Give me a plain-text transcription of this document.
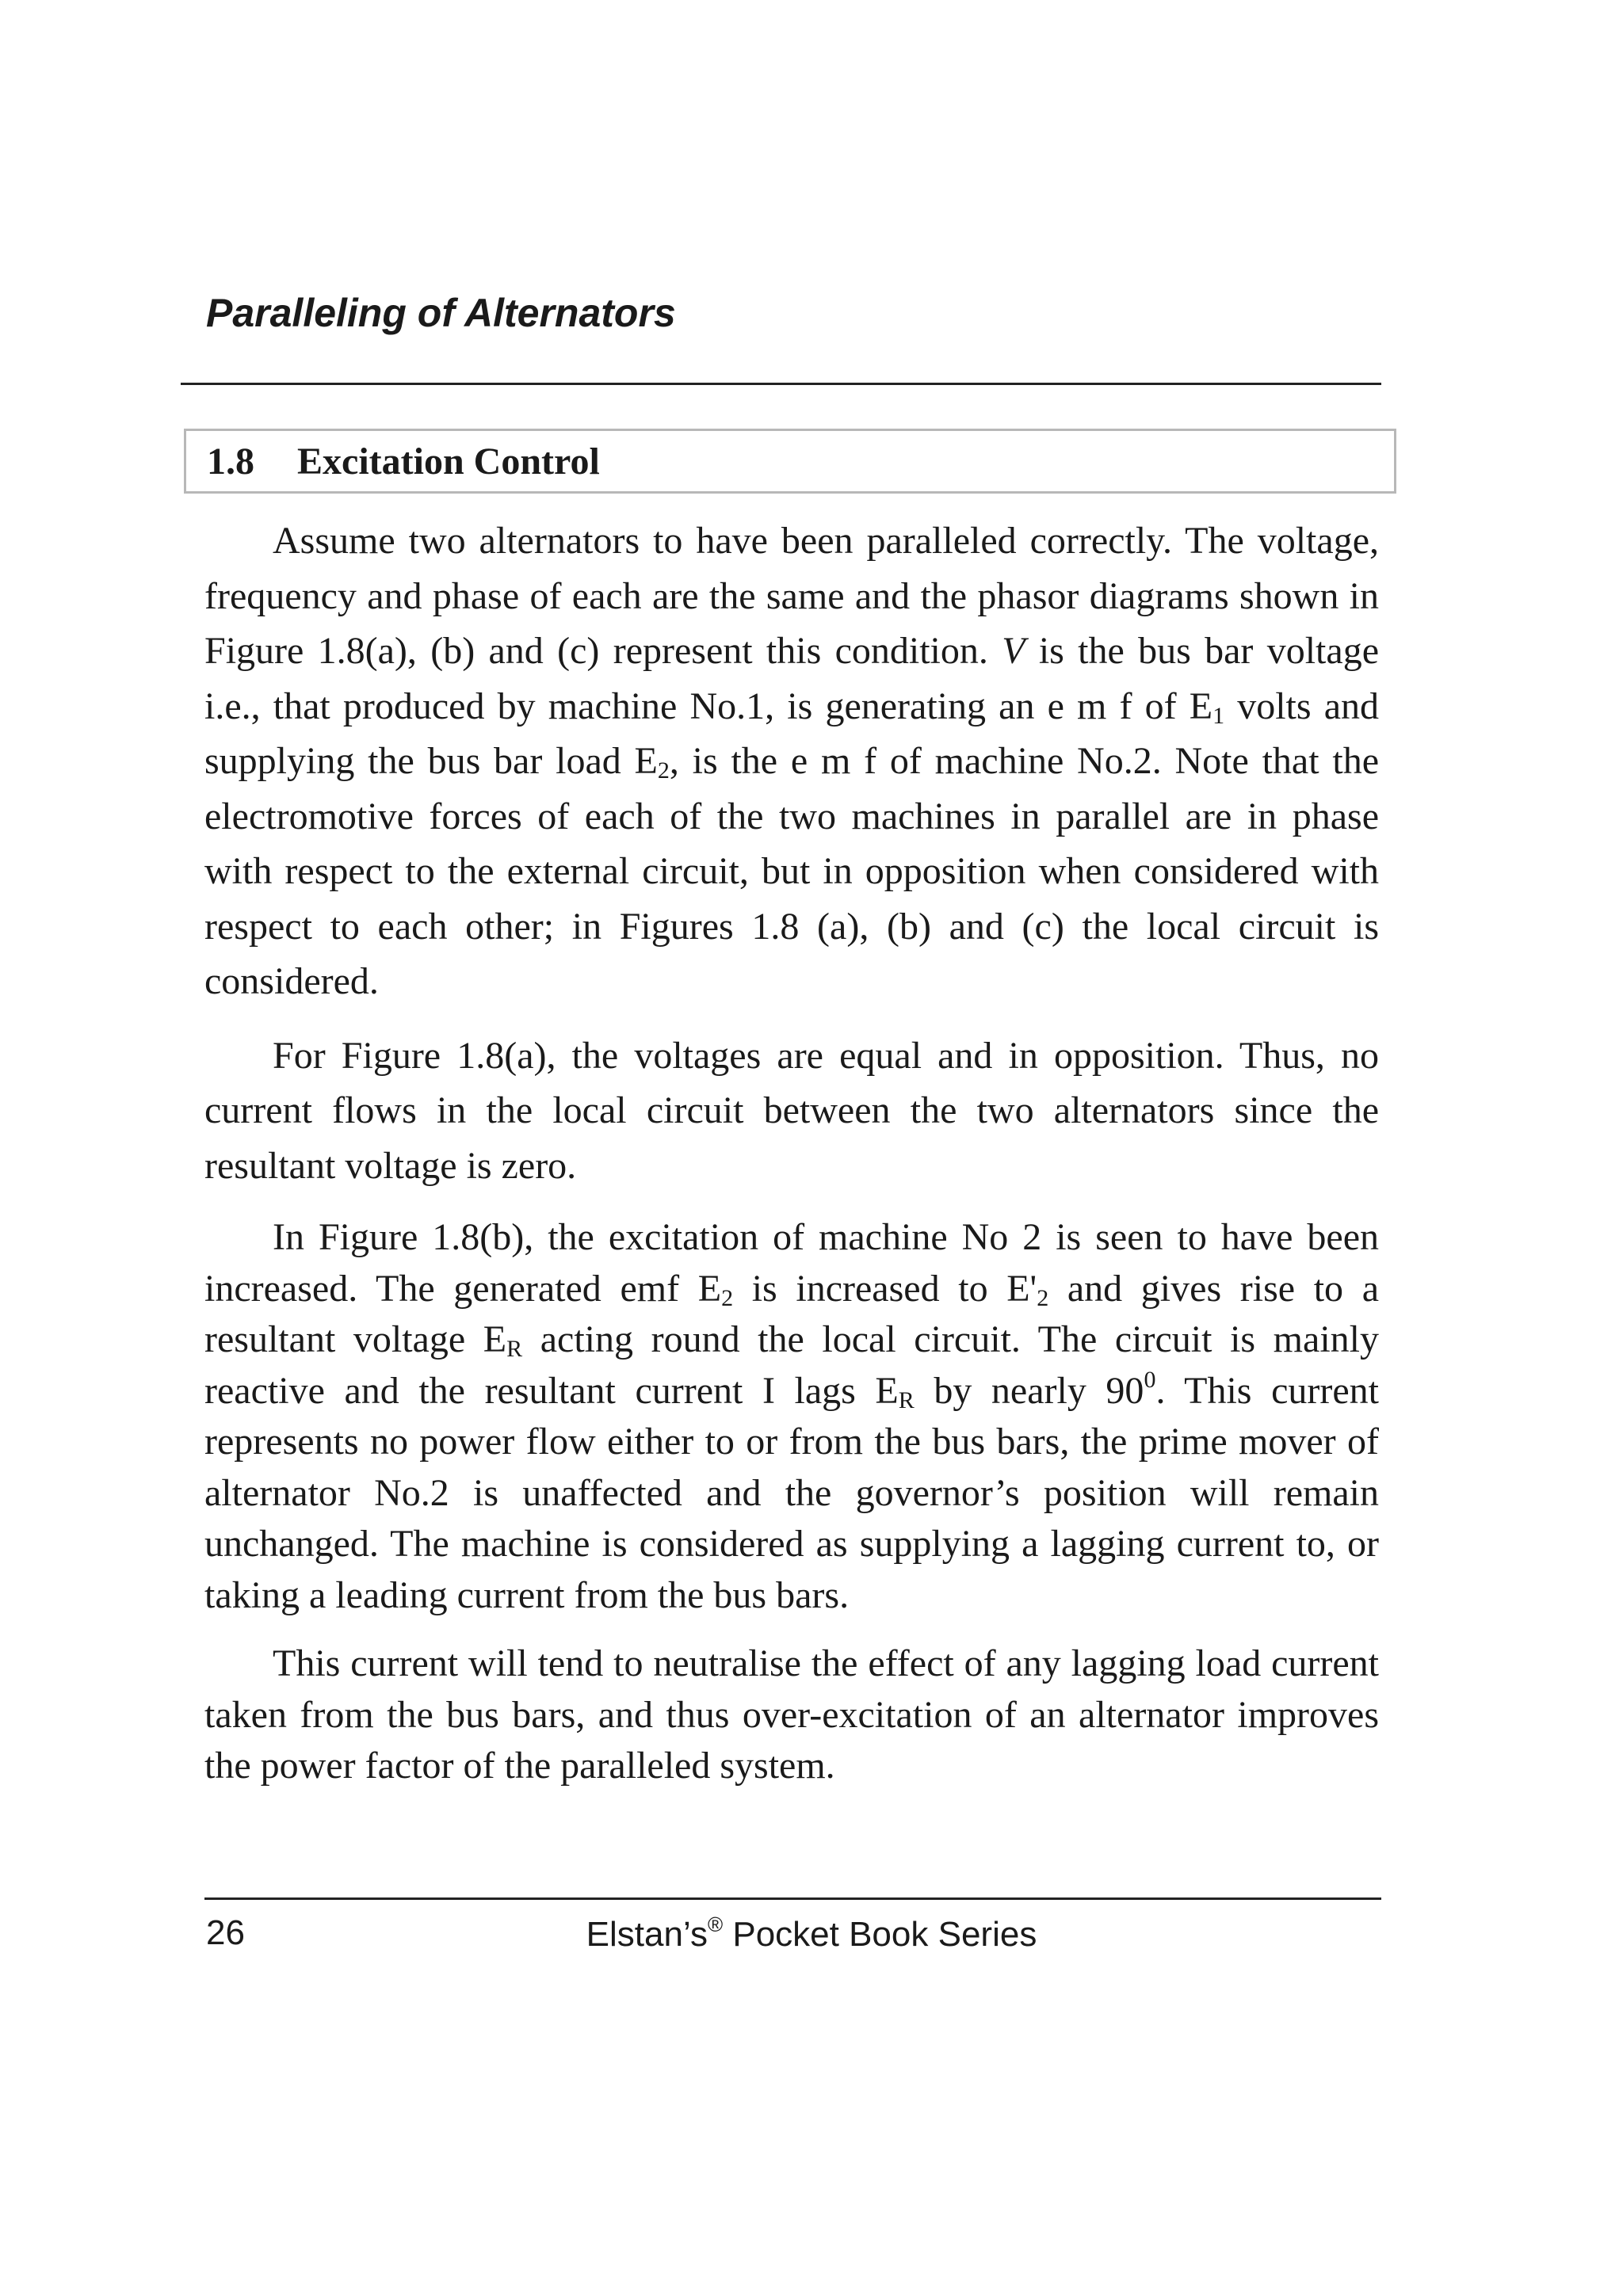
Paralleling of Alternators
1.8	Excitation Control

Assume two alternators to have been paralleled correctly. The voltage, frequency and phase of each are the same and the phasor diagrams shown in Figure 1.8(a), (b) and (c) represent this condition. V is the bus bar voltage i.e., that produced by machine No.1, is generating an e m f of $E_1$ volts and supplying the bus bar load $E_2$, is the e m f of machine No.2. Note that the electromotive forces of each of the two machines in parallel are in phase with respect to the external circuit, but in opposition when considered with respect to each other; in Figures 1.8 (a), (b) and (c) the local circuit is considered.

For Figure 1.8(a), the voltages are equal and in opposition. Thus, no current flows in the local circuit between the two alternators since the resultant voltage is zero.

In Figure 1.8(b), the excitation of machine No 2 is seen to have been increased. The generated emf $E_2$ is increased to $E'_2$ and gives rise to a resultant voltage $E_R$ acting round the local circuit. The circuit is mainly reactive and the resultant current I lags $E_R$ by nearly $90^0$. This current represents no power flow either to or from the bus bars, the prime mover of alternator No.2 is unaffected and the governor’s position will remain unchanged. The machine is considered as supplying a lagging current to, or taking a leading current from the bus bars.

This current will tend to neutralise the effect of any lagging load current taken from the bus bars, and thus over-excitation of an alternator improves the power factor of the paralleled system.

26	Elstan’s® Pocket Book Series
